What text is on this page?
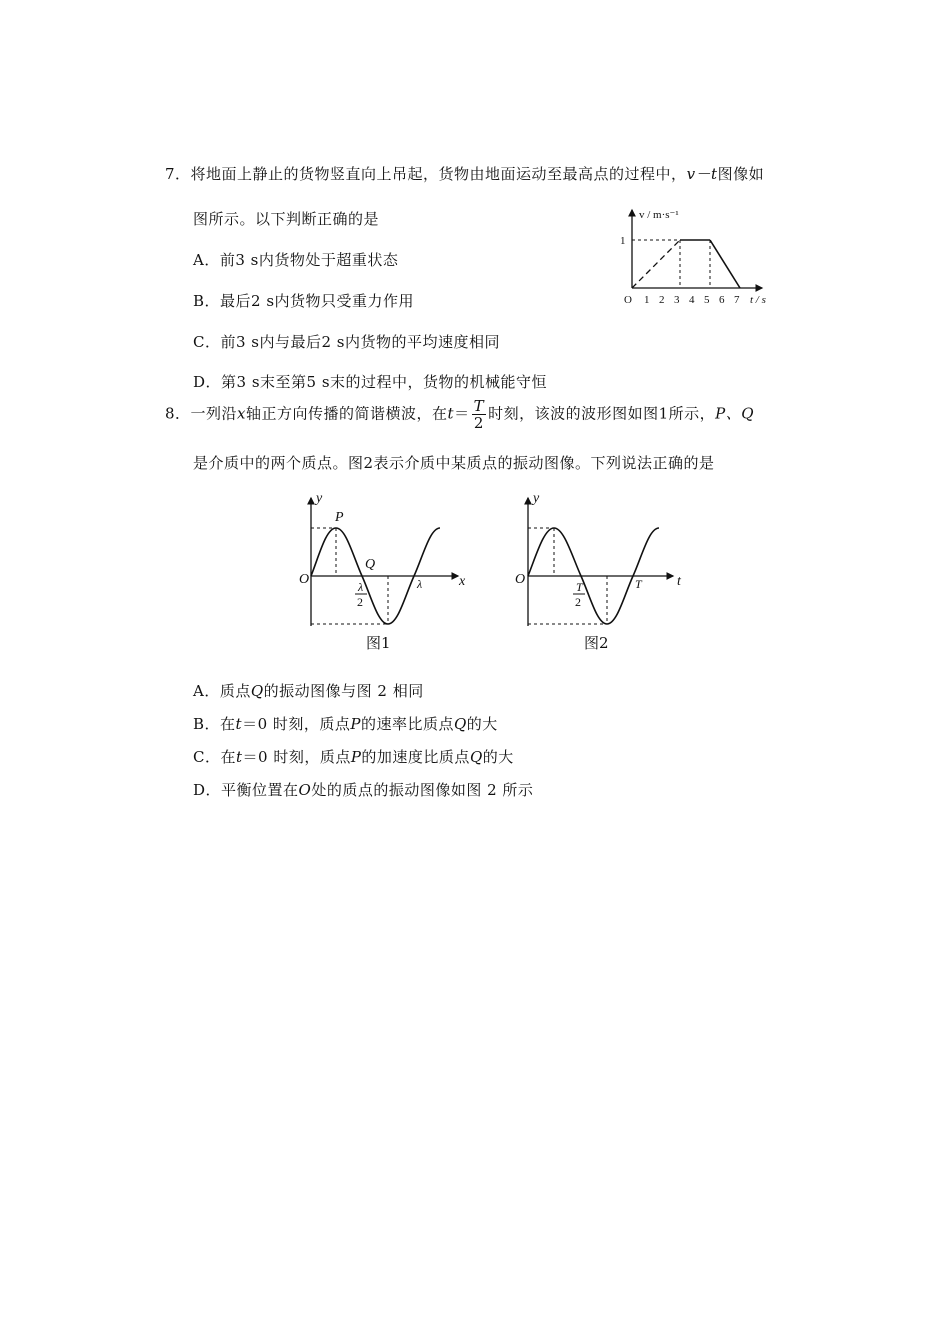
7．将地面上静止的货物竖直向上吊起，货物由地面运动至最高点的过程中，v－t图像如
图所示。以下判断正确的是
A．前3 s内货物处于超重状态
B．最后2 s内货物只受重力作用
C．前3 s内与最后2 s内货物的平均速度相同
D．第3 s末至第5 s末的过程中，货物的机械能守恒
v / m·s⁻¹
1
O 1 2 3 4 5 6 7 t / s
8．一列沿x轴正方向传播的简谐横波，在$t= \frac{T}{2}$ 时刻，该波的波形图如图1所示，P、Q
是介质中的两个质点。图2表示介质中某质点的振动图像。下列说法正确的是
O
y
x
P
Q
λ
2
λ
图1
O
y
t
T
2
T
图2
A．质点Q的振动图像与图 2 相同
B．在t＝0 时刻，质点P的速率比质点Q的大
C．在t＝0 时刻，质点P的加速度比质点Q的大
D．平衡位置在O处的质点的振动图像如图 2 所示
